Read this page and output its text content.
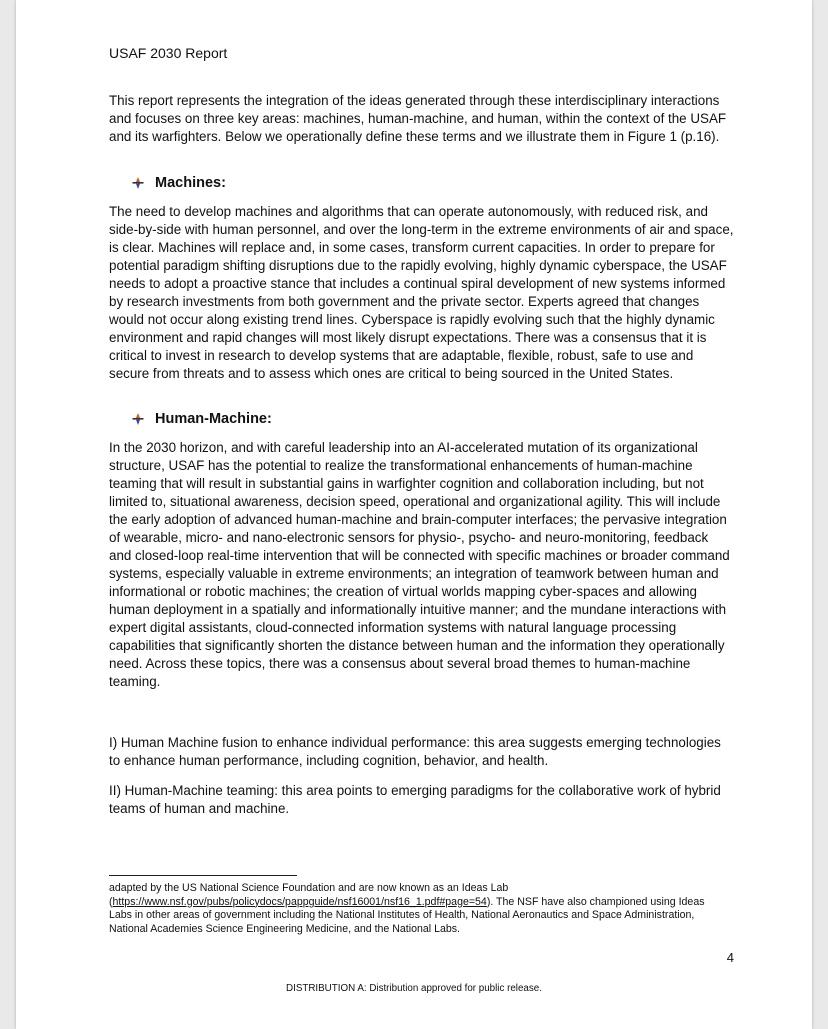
USAF 2030 Report

This report represents the integration of the ideas generated through these interdisciplinary interactions and focuses on three key areas: machines, human-machine, and human, within the context of the USAF and its warfighters. Below we operationally define these terms and we illustrate them in Figure 1 (p.16).

Machines:

The need to develop machines and algorithms that can operate autonomously, with reduced risk, and side-by-side with human personnel, and over the long-term in the extreme environments of air and space, is clear. Machines will replace and, in some cases, transform current capacities. In order to prepare for potential paradigm shifting disruptions due to the rapidly evolving, highly dynamic cyberspace, the USAF needs to adopt a proactive stance that includes a continual spiral development of new systems informed by research investments from both government and the private sector. Experts agreed that changes would not occur along existing trend lines. Cyberspace is rapidly evolving such that the highly dynamic environment and rapid changes will most likely disrupt expectations. There was a consensus that it is critical to invest in research to develop systems that are adaptable, flexible, robust, safe to use and secure from threats and to assess which ones are critical to being sourced in the United States.

Human-Machine:

In the 2030 horizon, and with careful leadership into an AI-accelerated mutation of its organizational structure, USAF has the potential to realize the transformational enhancements of human-machine teaming that will result in substantial gains in warfighter cognition and collaboration including, but not limited to, situational awareness, decision speed, operational and organizational agility. This will include the early adoption of advanced human-machine and brain-computer interfaces; the pervasive integration of wearable, micro- and nano-electronic sensors for physio-, psycho- and neuro-monitoring, feedback and closed-loop real-time intervention that will be connected with specific machines or broader command systems, especially valuable in extreme environments; an integration of teamwork between human and informational or robotic machines; the creation of virtual worlds mapping cyber-spaces and allowing human deployment in a spatially and informationally intuitive manner; and the mundane interactions with expert digital assistants, cloud-connected information systems with natural language processing capabilities that significantly shorten the distance between human and the information they operationally need. Across these topics, there was a consensus about several broad themes to human-machine teaming.

I) Human Machine fusion to enhance individual performance: this area suggests emerging technologies to enhance human performance, including cognition, behavior, and health.

II) Human-Machine teaming: this area points to emerging paradigms for the collaborative work of hybrid teams of human and machine.

adapted by the US National Science Foundation and are now known as an Ideas Lab (https://www.nsf.gov/pubs/policydocs/pappguide/nsf16001/nsf16_1.pdf#page=54). The NSF have also championed using Ideas Labs in other areas of government including the National Institutes of Health, National Aeronautics and Space Administration, National Academies Science Engineering Medicine, and the National Labs.

4
DISTRIBUTION A: Distribution approved for public release.
